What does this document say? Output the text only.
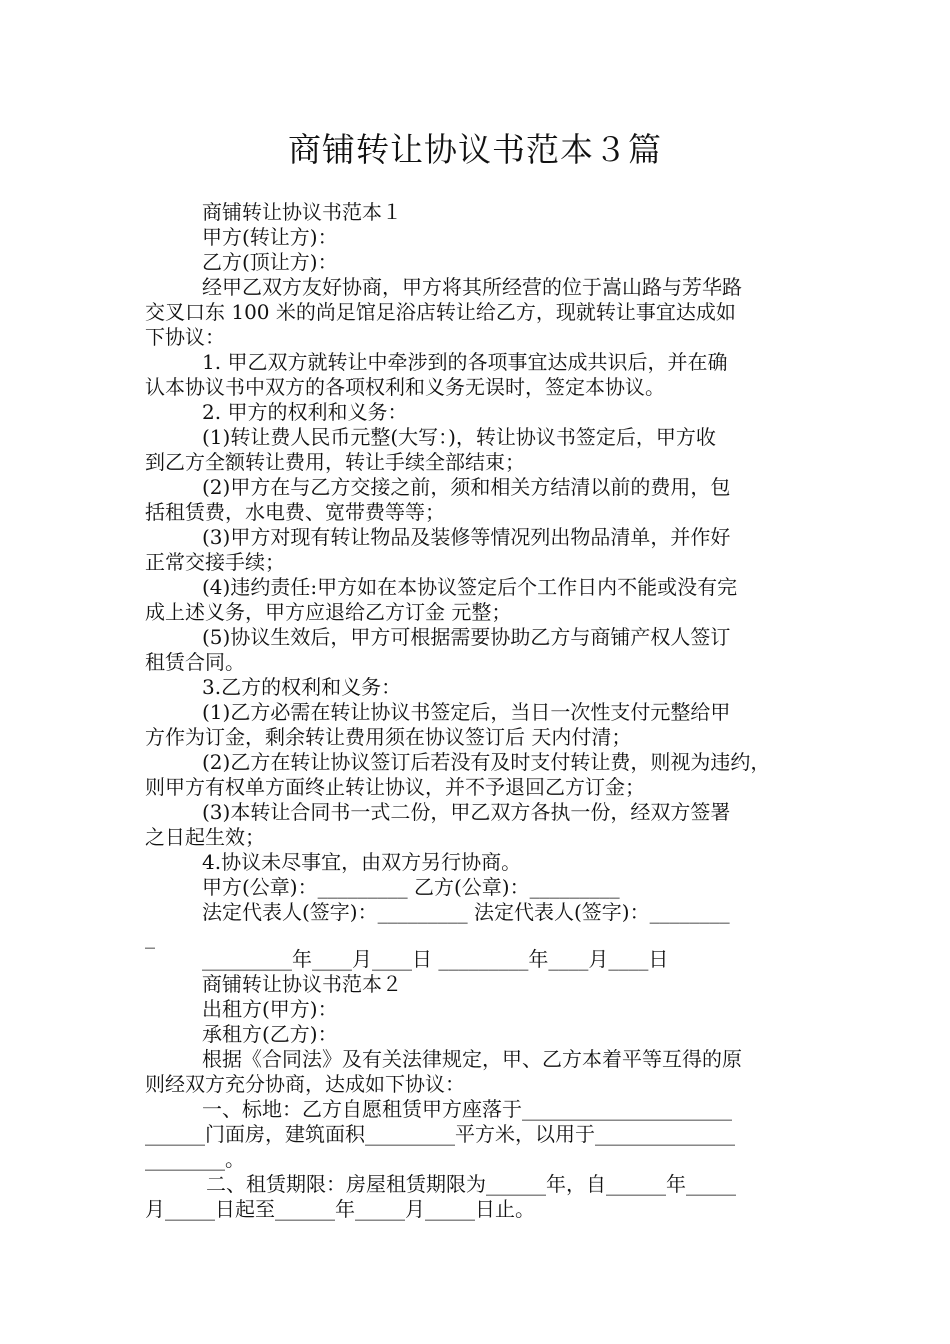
商铺转让协议书范本３篇
商铺转让协议书范本１
甲方(转让方)：
乙方(顶让方)：
经甲乙双方友好协商，甲方将其所经营的位于嵩山路与芳华路
交叉口东 100 米的尚足馆足浴店转让给乙方，现就转让事宜达成如
下协议：
1. 甲乙双方就转让中牵涉到的各项事宜达成共识后，并在确
认本协议书中双方的各项权利和义务无误时，签定本协议。
2. 甲方的权利和义务：
(1)转让费人民币元整(大写：)，转让协议书签定后，甲方收
到乙方全额转让费用，转让手续全部结束；
(2)甲方在与乙方交接之前，须和相关方结清以前的费用，包
括租赁费，水电费、宽带费等等；
(3)甲方对现有转让物品及装修等情况列出物品清单，并作好
正常交接手续；
(4)违约责任:甲方如在本协议签定后个工作日内不能或没有完
成上述义务，甲方应退给乙方订金 元整；
(5)协议生效后，甲方可根据需要协助乙方与商铺产权人签订
租赁合同。
3.乙方的权利和义务：
(1)乙方必需在转让协议书签定后，当日一次性支付元整给甲
方作为订金，剩余转让费用须在协议签订后 天内付清；
(2)乙方在转让协议签订后若没有及时支付转让费，则视为违约，
则甲方有权单方面终止转让协议，并不予退回乙方订金；
(3)本转让合同书一式二份，甲乙双方各执一份，经双方签署
之日起生效；
4.协议未尽事宜，由双方另行协商。
甲方(公章)：_________ 乙方(公章)：_________
法定代表人(签字)：_________ 法定代表人(签字)：________
_
_________年____月____日 _________年____月____日
商铺转让协议书范本２
出租方(甲方)：
承租方(乙方)：
根据《合同法》及有关法律规定，甲、乙方本着平等互得的原
则经双方充分协商，达成如下协议：
一、标地：乙方自愿租赁甲方座落于_____________________
______门面房，建筑面积_________平方米，以用于______________
________。
二、租赁期限：房屋租赁期限为______年，自______年_____
月_____日起至______年_____月_____日止。
